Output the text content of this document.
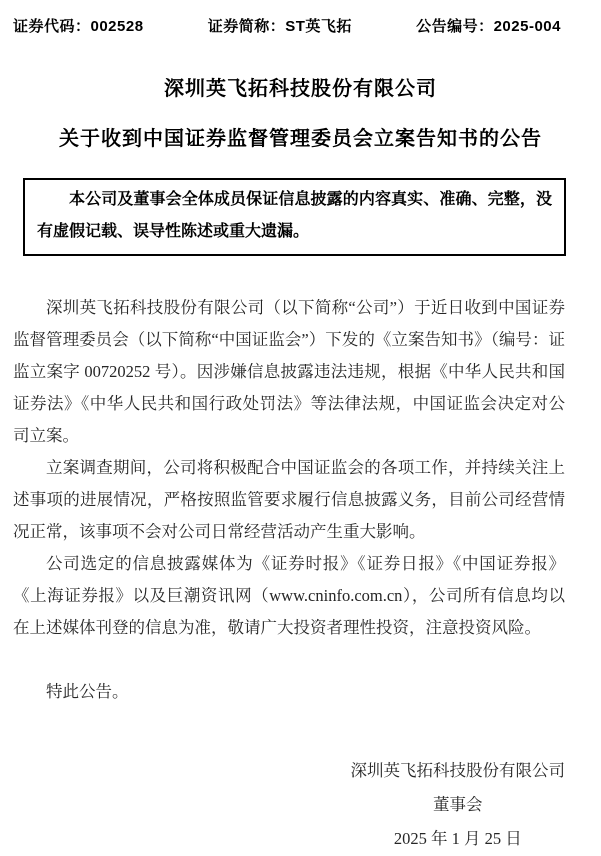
证券代码：002528	证券简称：ST英飞拓	公告编号：2025-004
深圳英飞拓科技股份有限公司
关于收到中国证券监督管理委员会立案告知书的公告
本公司及董事会全体成员保证信息披露的内容真实、准确、完整，没有虚假记载、误导性陈述或重大遗漏。

深圳英飞拓科技股份有限公司（以下简称“公司”）于近日收到中国证券监督管理委员会（以下简称“中国证监会”）下发的《立案告知书》（编号：证监立案字 00720252 号）。因涉嫌信息披露违法违规，根据《中华人民共和国证券法》《中华人民共和国行政处罚法》等法律法规，中国证监会决定对公司立案。

立案调查期间，公司将积极配合中国证监会的各项工作，并持续关注上述事项的进展情况，严格按照监管要求履行信息披露义务，目前公司经营情况正常，该事项不会对公司日常经营活动产生重大影响。

公司选定的信息披露媒体为《证券时报》《证券日报》《中国证券报》《上海证券报》以及巨潮资讯网（www.cninfo.com.cn），公司所有信息均以在上述媒体刊登的信息为准，敬请广大投资者理性投资，注意投资风险。

特此公告。
深圳英飞拓科技股份有限公司
董事会
2025 年 1 月 25 日
